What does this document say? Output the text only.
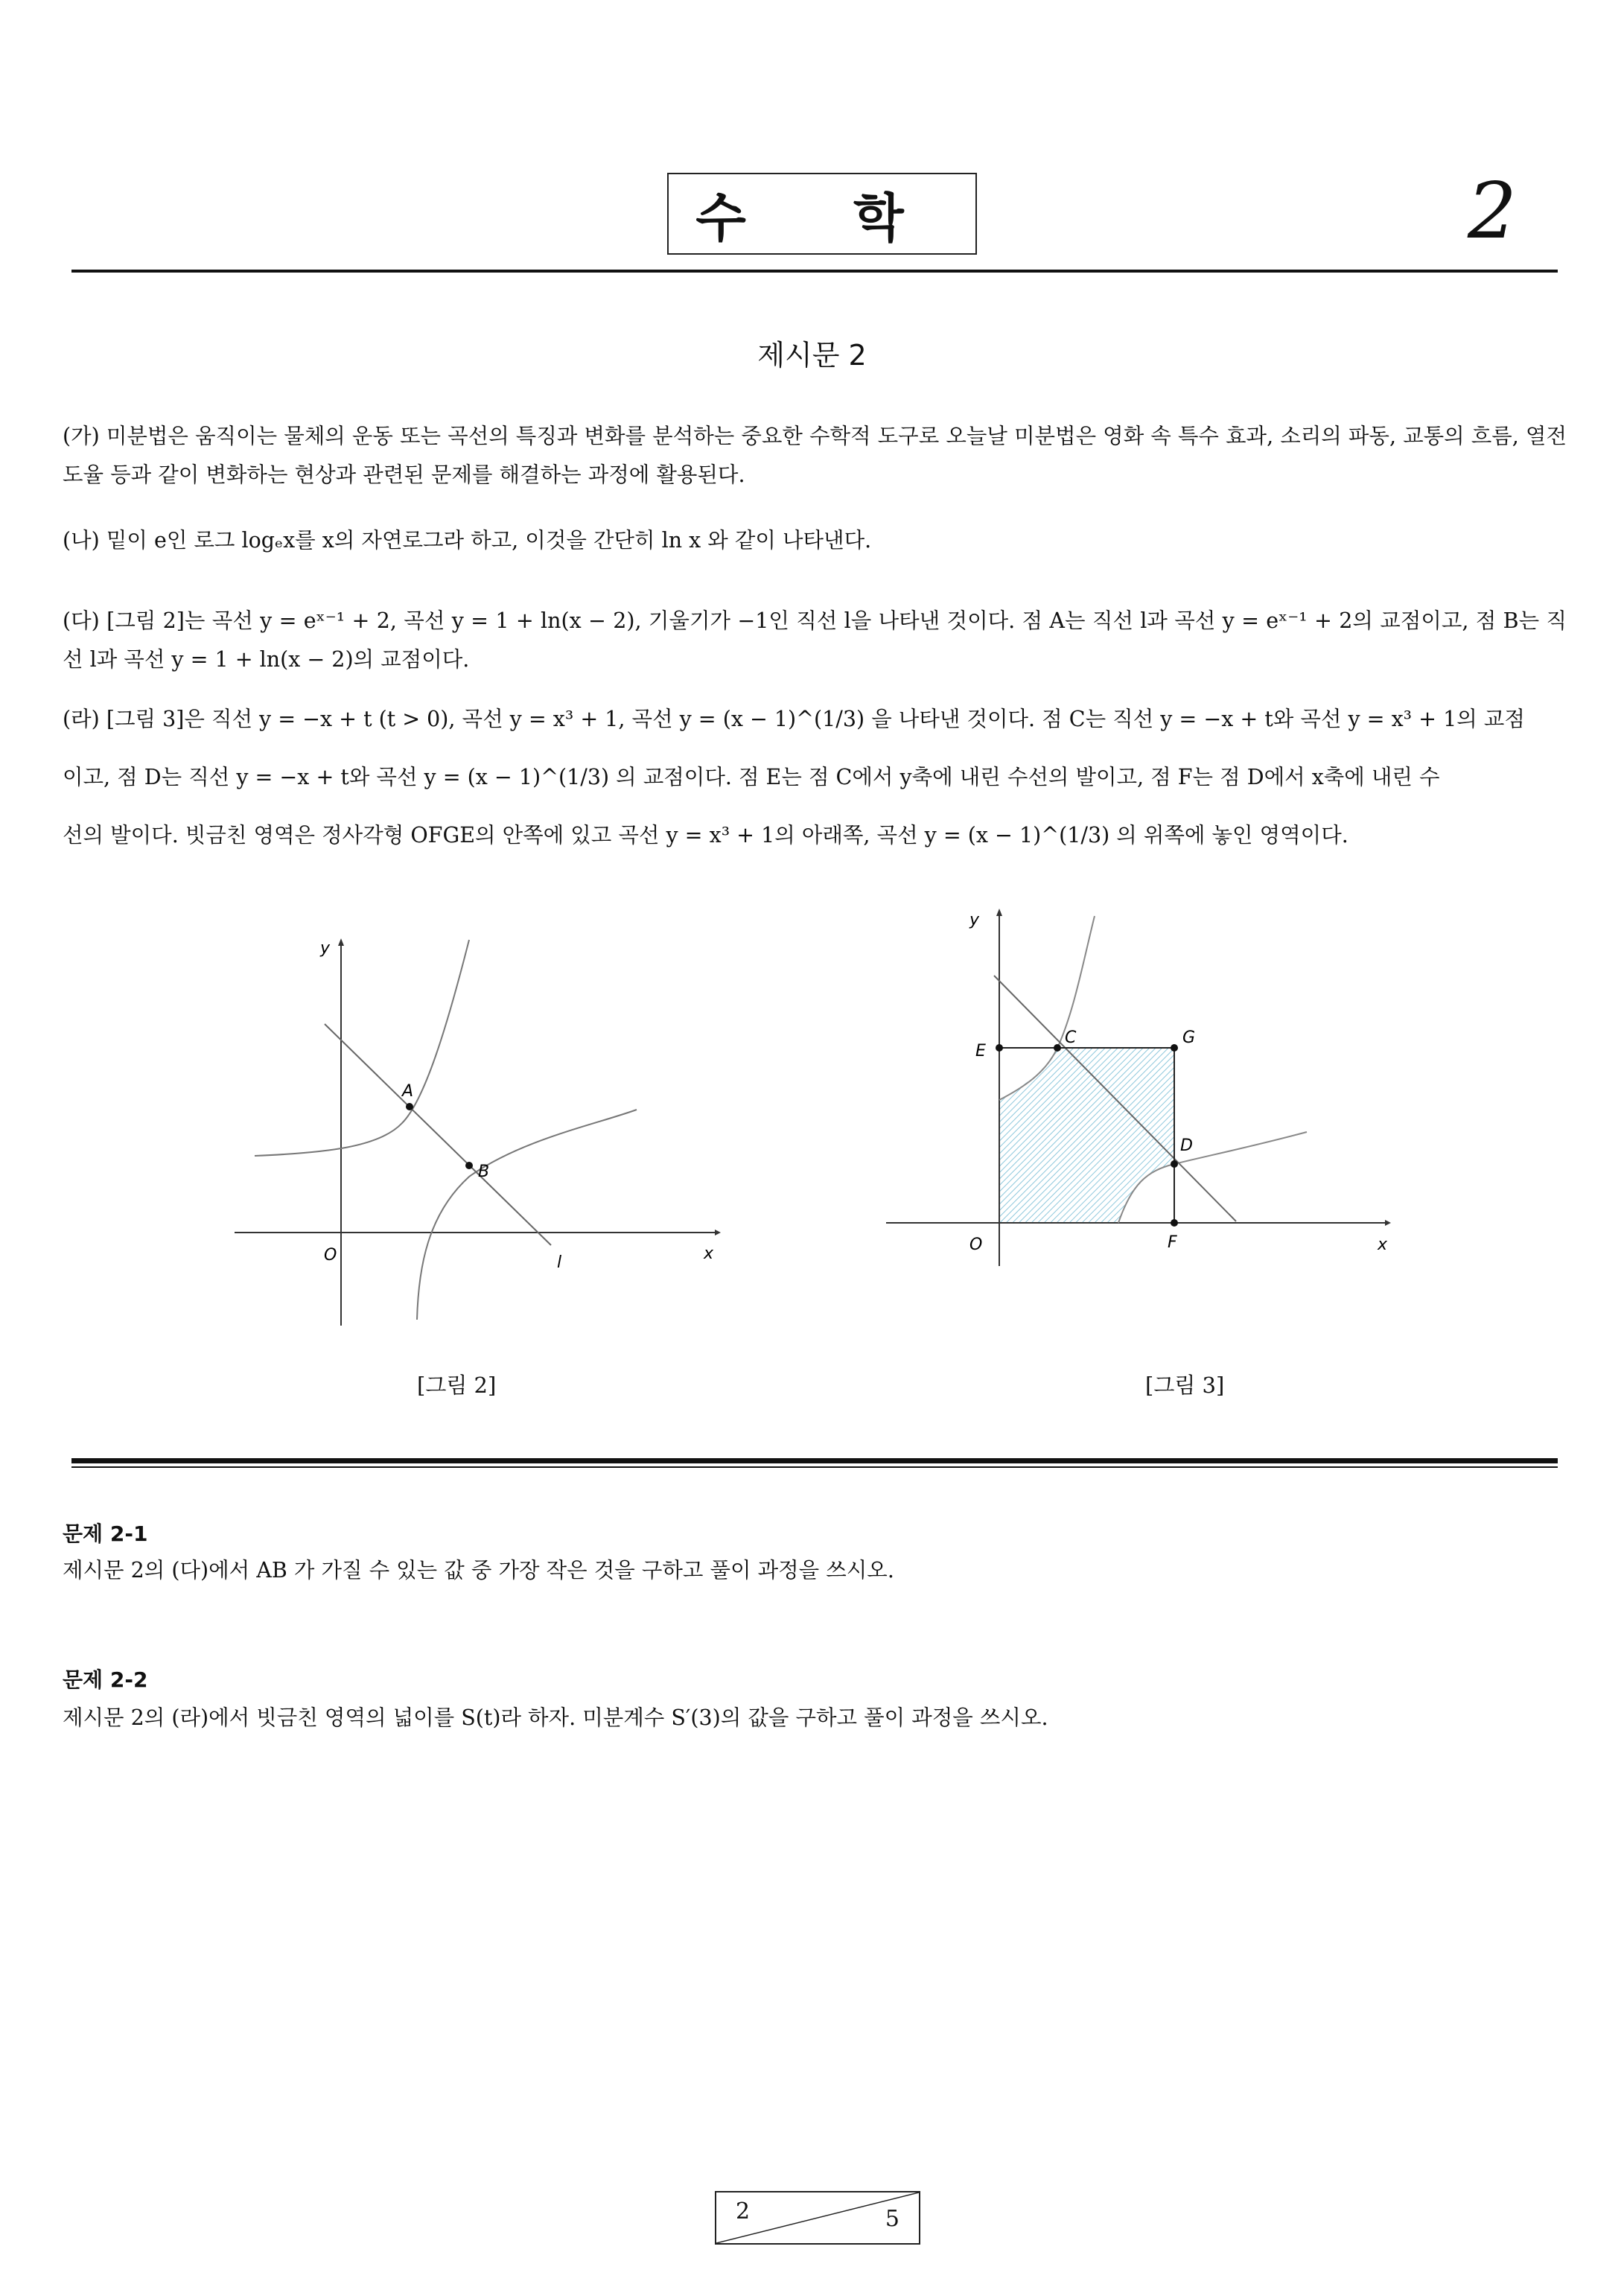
수 학	2
제시문 2
(가) 미분법은 움직이는 물체의 운동 또는 곡선의 특징과 변화를 분석하는 중요한 수학적 도구로 오늘날 미분법은 영화 속 특수 효과, 소리의 파동, 교통의 흐름, 열전도율 등과 같이 변화하는 현상과 관련된 문제를 해결하는 과정에 활용된다.
(나) 밑이 e인 로그 logₑx를 x의 자연로그라 하고, 이것을 간단히 ln x 와 같이 나타낸다.
(다) [그림 2]는 곡선 y = eˣ⁻¹ + 2, 곡선 y = 1 + ln(x − 2), 기울기가 −1인 직선 l을 나타낸 것이다. 점 A는 직선 l과 곡선 y = eˣ⁻¹ + 2의 교점이고, 점 B는 직선 l과 곡선 y = 1 + ln(x − 2)의 교점이다.
(라) [그림 3]은 직선 y = −x + t (t > 0), 곡선 y = x³ + 1, 곡선 y = (x − 1)^(1/3) 을 나타낸 것이다. 점 C는 직선 y = −x + t와 곡선 y = x³ + 1의 교점
이고, 점 D는 직선 y = −x + t와 곡선 y = (x − 1)^(1/3) 의 교점이다. 점 E는 점 C에서 y축에 내린 수선의 발이고, 점 F는 점 D에서 x축에 내린 수
선의 발이다. 빗금친 영역은 정사각형 OFGE의 안쪽에 있고 곡선 y = x³ + 1의 아래쪽, 곡선 y = (x − 1)^(1/3) 의 위쪽에 놓인 영역이다.
y
x
O
A
B
l
[그림 2]
y
x
O
C	G
E
D
F
[그림 3]
문제 2-1
제시문 2의 (다)에서 AB 가 가질 수 있는 값 중 가장 작은 것을 구하고 풀이 과정을 쓰시오.
문제 2-2
제시문 2의 (라)에서 빗금친 영역의 넓이를 S(t)라 하자. 미분계수 S′(3)의 값을 구하고 풀이 과정을 쓰시오.
2	5
